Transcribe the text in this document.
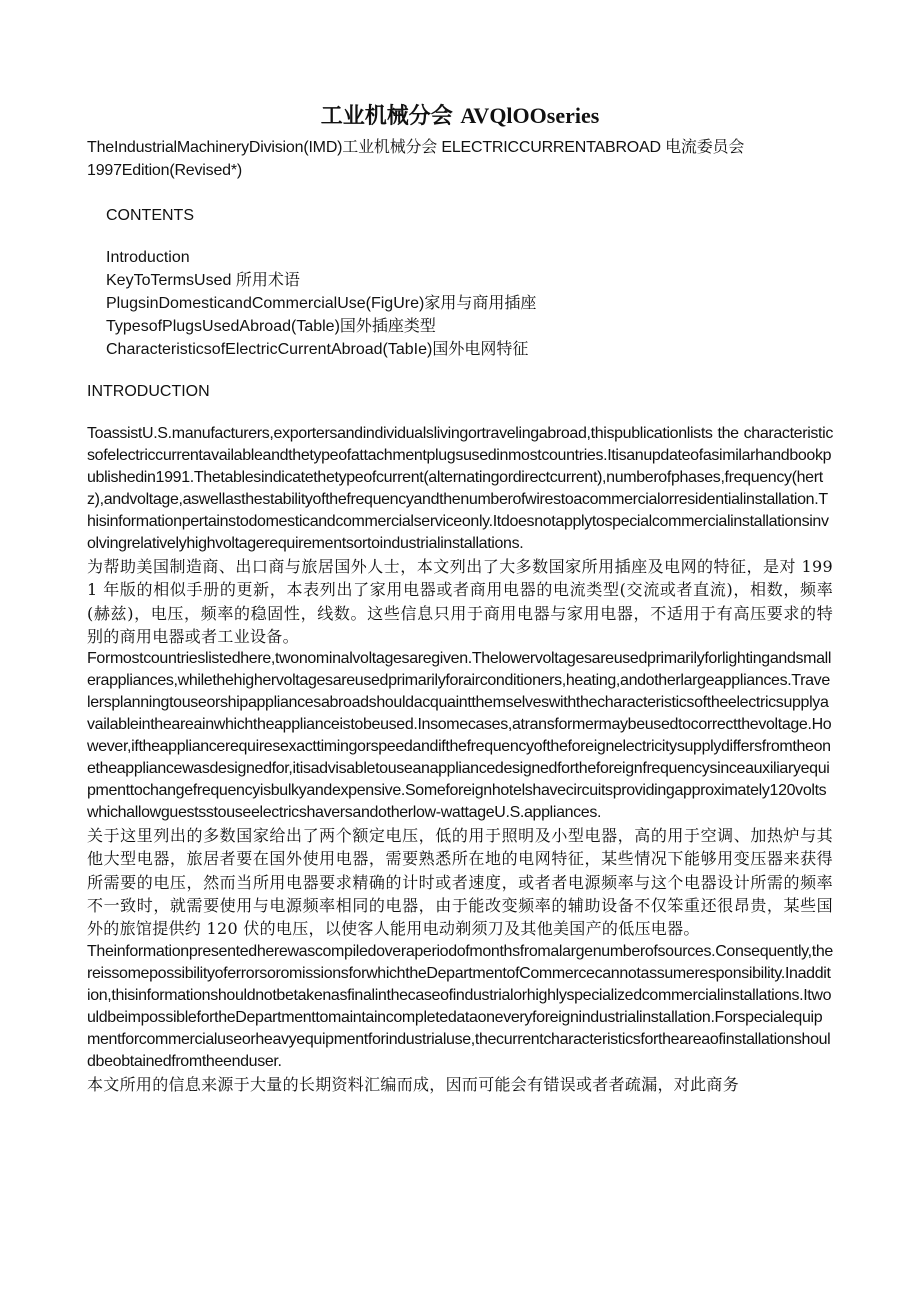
工业机械分会 AVQlOOseries

TheIndustrialMachineryDivision(IMD)工业机械分会 ELECTRICCURRENTABROAD 电流委员会 1997Edition(Revised*)

CONTENTS

Introduction
KeyToTermsUsed 所用术语
PlugsinDomesticandCommercialUse(FigUre)家用与商用插座
TypesofPlugsUsedAbroad(Table)国外插座类型
CharacteristicsofElectricCurrentAbroad(TabIe)国外电网特征

INTRODUCTION

ToassistU.S.manufacturers,exportersandindividualslivingortravelingabroad,thispublicationlists the characteristicsofelectriccurrentavailableandthetypeofattachmentplugsusedinmostcountries.Itisanupdateofasimilarhandbookpublishedin1991.Thetablesindicatethetypeofcurrent(alternatingordirectcurrent),numberofphases,frequency(hertz),andvoltage,aswellasthestabilityofthefrequencyandthenumberofwirestoacommercialorresidentialinstallation.Thisinformationpertainstodomesticandcommercialserviceonly.Itdoesnotapplytospecialcommercialinstallationsinvolvingrelativelyhighvoltagerequirementsortoindustrialinstallations.

为帮助美国制造商、出口商与旅居国外人士，本文列出了大多数国家所用插座及电网的特征，是对 1991 年版的相似手册的更新，本表列出了家用电器或者商用电器的电流类型(交流或者直流)，相数，频率(赫兹)，电压，频率的稳固性，线数。这些信息只用于商用电器与家用电器，不适用于有高压要求的特别的商用电器或者工业设备。

Formostcountrieslistedhere,twonominalvoltagesaregiven.Thelowervoltagesareusedprimarilyforlightingandsmallerappliances,whilethehighervoltagesareusedprimarilyforairconditioners,heating,andotherlargeappliances.Travelersplanningtouseorshipappliancesabroadshouldacquaintthemselveswiththecharacteristicsoftheelectricsupplyavailableintheareainwhichtheapplianceistobeused.Insomecases,atransformermaybeusedtocorrectthevoltage.However,iftheappliancerequiresexacttimingorspeedandifthefrequencyoftheforeignelectricitysupplydiffersfromtheonetheappliancewasdesignedfor,itisadvisabletouseanappliancedesignedfortheforeignfrequencysinceauxiliaryequipmenttochangefrequencyisbulkyandexpensive.Someforeignhotelshavecircuitsprovidingapproximately120voltswhichallowguestsstouseelectricshaversandotherlow-wattageU.S.appliances.

关于这里列出的多数国家给出了两个额定电压，低的用于照明及小型电器，高的用于空调、加热炉与其他大型电器，旅居者要在国外使用电器，需要熟悉所在地的电网特征，某些情况下能够用变压器来获得所需要的电压，然而当所用电器要求精确的计时或者速度，或者者电源频率与这个电器设计所需的频率不一致时，就需要使用与电源频率相同的电器，由于能改变频率的辅助设备不仅笨重还很昂贵，某些国外的旅馆提供约 120 伏的电压，以使客人能用电动剃须刀及其他美国产的低压电器。

Theinformationpresentedherewascompiledoveraperiodofmonthsfromalargenumberofsources.Consequently,thereissomepossibilityoferrorsoromissionsforwhichtheDepartmentofCommercecannotassumeresponsibility.Inaddition,thisinformationshouldnotbetakenasfinalinthecaseofindustrialorhighlyspecializedcommercialinstallations.ItwouldbeimpossiblefortheDepartmenttomaintaincompletedataoneveryforeignindustrialinstallation.Forspecialequipmentforcommercialuseorheavyequipmentforindustrialuse,thecurrentcharacteristicsfortheareaofinstallationshouldbeobtainedfromtheenduser.

本文所用的信息来源于大量的长期资料汇编而成，因而可能会有错误或者者疏漏，对此商务
